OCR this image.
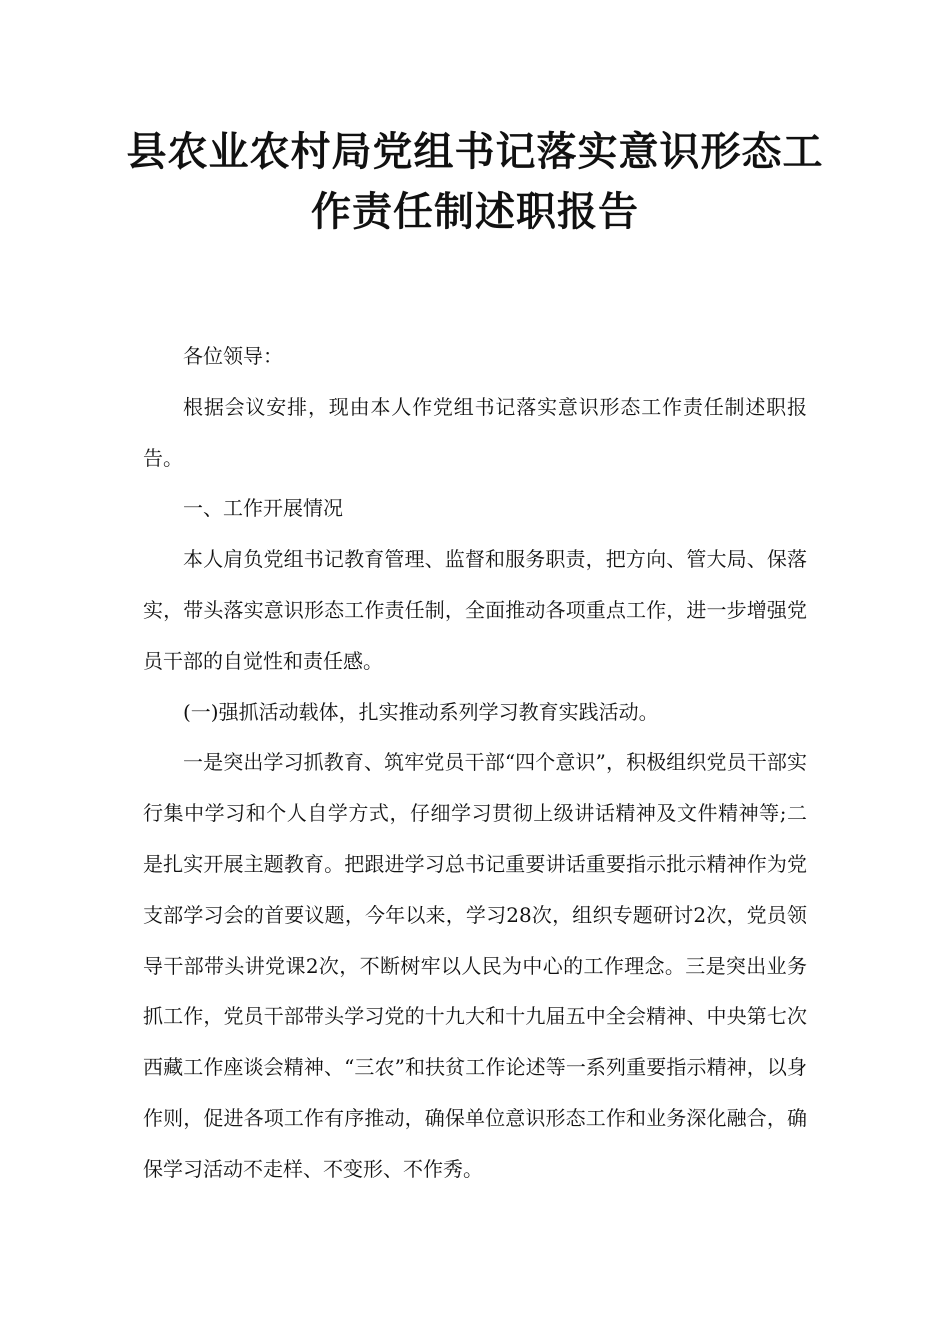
县农业农村局党组书记落实意识形态工作责任制述职报告

各位领导：

根据会议安排，现由本人作党组书记落实意识形态工作责任制述职报告。

一、工作开展情况

本人肩负党组书记教育管理、监督和服务职责，把方向、管大局、保落实，带头落实意识形态工作责任制，全面推动各项重点工作，进一步增强党员干部的自觉性和责任感。

(一)强抓活动载体，扎实推动系列学习教育实践活动。

一是突出学习抓教育、筑牢党员干部“四个意识”，积极组织党员干部实行集中学习和个人自学方式，仔细学习贯彻上级讲话精神及文件精神等;二是扎实开展主题教育。把跟进学习总书记重要讲话重要指示批示精神作为党支部学习会的首要议题，今年以来，学习28次，组织专题研讨2次，党员领导干部带头讲党课2次，不断树牢以人民为中心的工作理念。三是突出业务抓工作，党员干部带头学习党的十九大和十九届五中全会精神、中央第七次西藏工作座谈会精神、“三农”和扶贫工作论述等一系列重要指示精神，以身作则，促进各项工作有序推动，确保单位意识形态工作和业务深化融合，确保学习活动不走样、不变形、不作秀。
